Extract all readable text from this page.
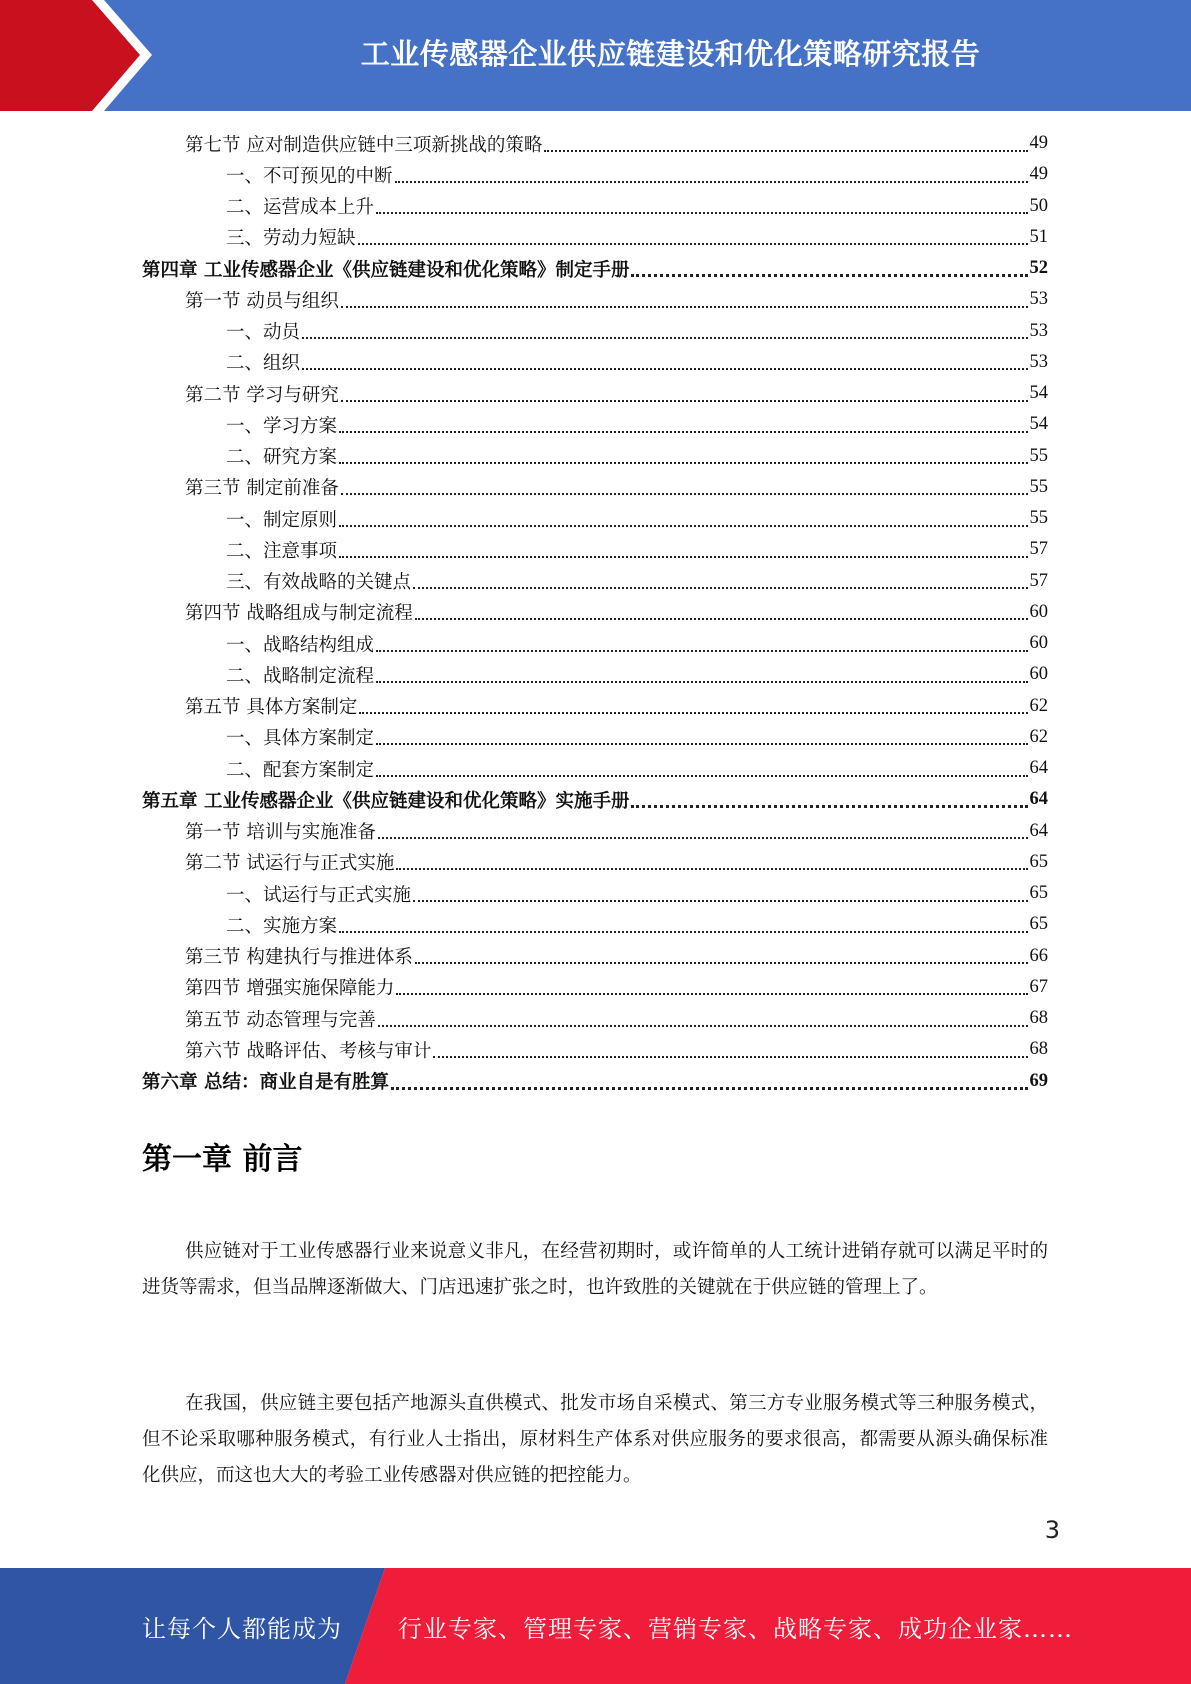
工业传感器企业供应链建设和优化策略研究报告
第七节 应对制造供应链中三项新挑战的策略	49
一、不可预见的中断	49
二、运营成本上升	50
三、劳动力短缺	51
第四章 工业传感器企业《供应链建设和优化策略》制定手册	52
第一节 动员与组织	53
一、动员	53
二、组织	53
第二节 学习与研究	54
一、学习方案	54
二、研究方案	55
第三节 制定前准备	55
一、制定原则	55
二、注意事项	57
三、有效战略的关键点	57
第四节 战略组成与制定流程	60
一、战略结构组成	60
二、战略制定流程	60
第五节 具体方案制定	62
一、具体方案制定	62
二、配套方案制定	64
第五章 工业传感器企业《供应链建设和优化策略》实施手册	64
第一节 培训与实施准备	64
第二节 试运行与正式实施	65
一、试运行与正式实施	65
二、实施方案	65
第三节 构建执行与推进体系	66
第四节 增强实施保障能力	67
第五节 动态管理与完善	68
第六节 战略评估、考核与审计	68
第六章 总结：商业自是有胜算	69
第一章 前言

供应链对于工业传感器行业来说意义非凡，在经营初期时，或许简单的人工统计进销存就可以满足平时的进货等需求，但当品牌逐渐做大、门店迅速扩张之时，也许致胜的关键就在于供应链的管理上了。

在我国，供应链主要包括产地源头直供模式、批发市场自采模式、第三方专业服务模式等三种服务模式，但不论采取哪种服务模式，有行业人士指出，原材料生产体系对供应服务的要求很高，都需要从源头确保标准化供应，而这也大大的考验工业传感器对供应链的把控能力。

3
让每个人都能成为 行业专家、管理专家、营销专家、战略专家、成功企业家……
